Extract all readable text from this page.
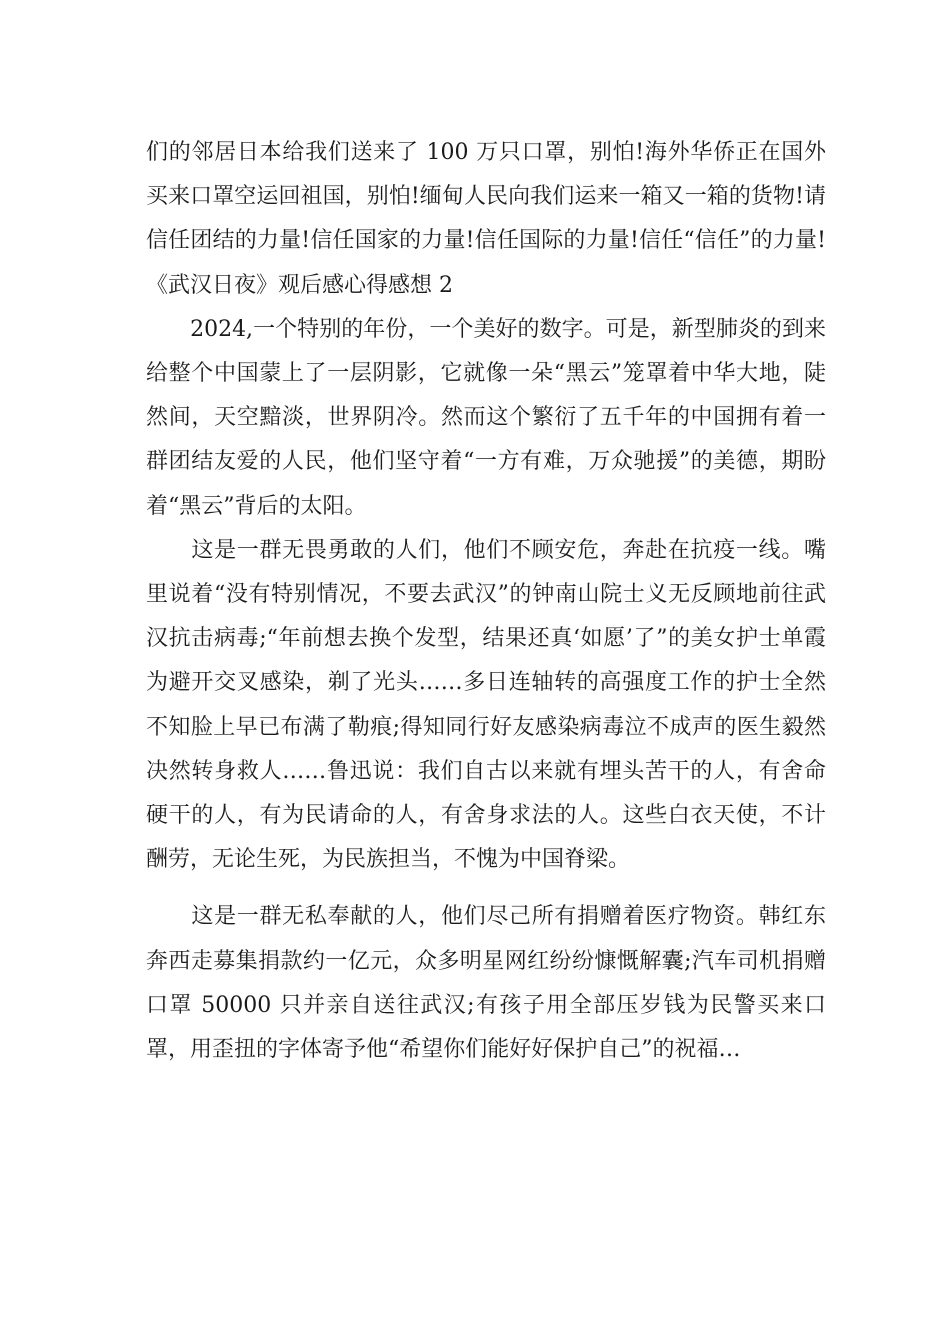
们的邻居日本给我们送来了 100 万只口罩，别怕!海外华侨正在国外买来口罩空运回祖国，别怕!缅甸人民向我们运来一箱又一箱的货物!请信任团结的力量!信任国家的力量!信任国际的力量!信任“信任”的力量!《武汉日夜》观后感心得感想 2

　　2024,一个特别的年份，一个美好的数字。可是，新型肺炎的到来给整个中国蒙上了一层阴影，它就像一朵“黑云”笼罩着中华大地，陡然间，天空黯淡，世界阴冷。然而这个繁衍了五千年的中国拥有着一群团结友爱的人民，他们坚守着“一方有难，万众驰援”的美德，期盼着“黑云”背后的太阳。

　　这是一群无畏勇敢的人们，他们不顾安危，奔赴在抗疫一线。嘴里说着“没有特别情况，不要去武汉”的钟南山院士义无反顾地前往武汉抗击病毒;“年前想去换个发型，结果还真‘如愿’了”的美女护士单霞为避开交叉感染，剃了光头……多日连轴转的高强度工作的护士全然不知脸上早已布满了勒痕;得知同行好友感染病毒泣不成声的医生毅然决然转身救人……鲁迅说：我们自古以来就有埋头苦干的人，有舍命硬干的人，有为民请命的人，有舍身求法的人。这些白衣天使，不计酬劳，无论生死，为民族担当，不愧为中国脊梁。

　　这是一群无私奉献的人，他们尽己所有捐赠着医疗物资。韩红东奔西走募集捐款约一亿元，众多明星网红纷纷慷慨解囊;汽车司机捐赠口罩 50000 只并亲自送往武汉;有孩子用全部压岁钱为民警买来口罩，用歪扭的字体寄予他“希望你们能好好保护自己”的祝福…
